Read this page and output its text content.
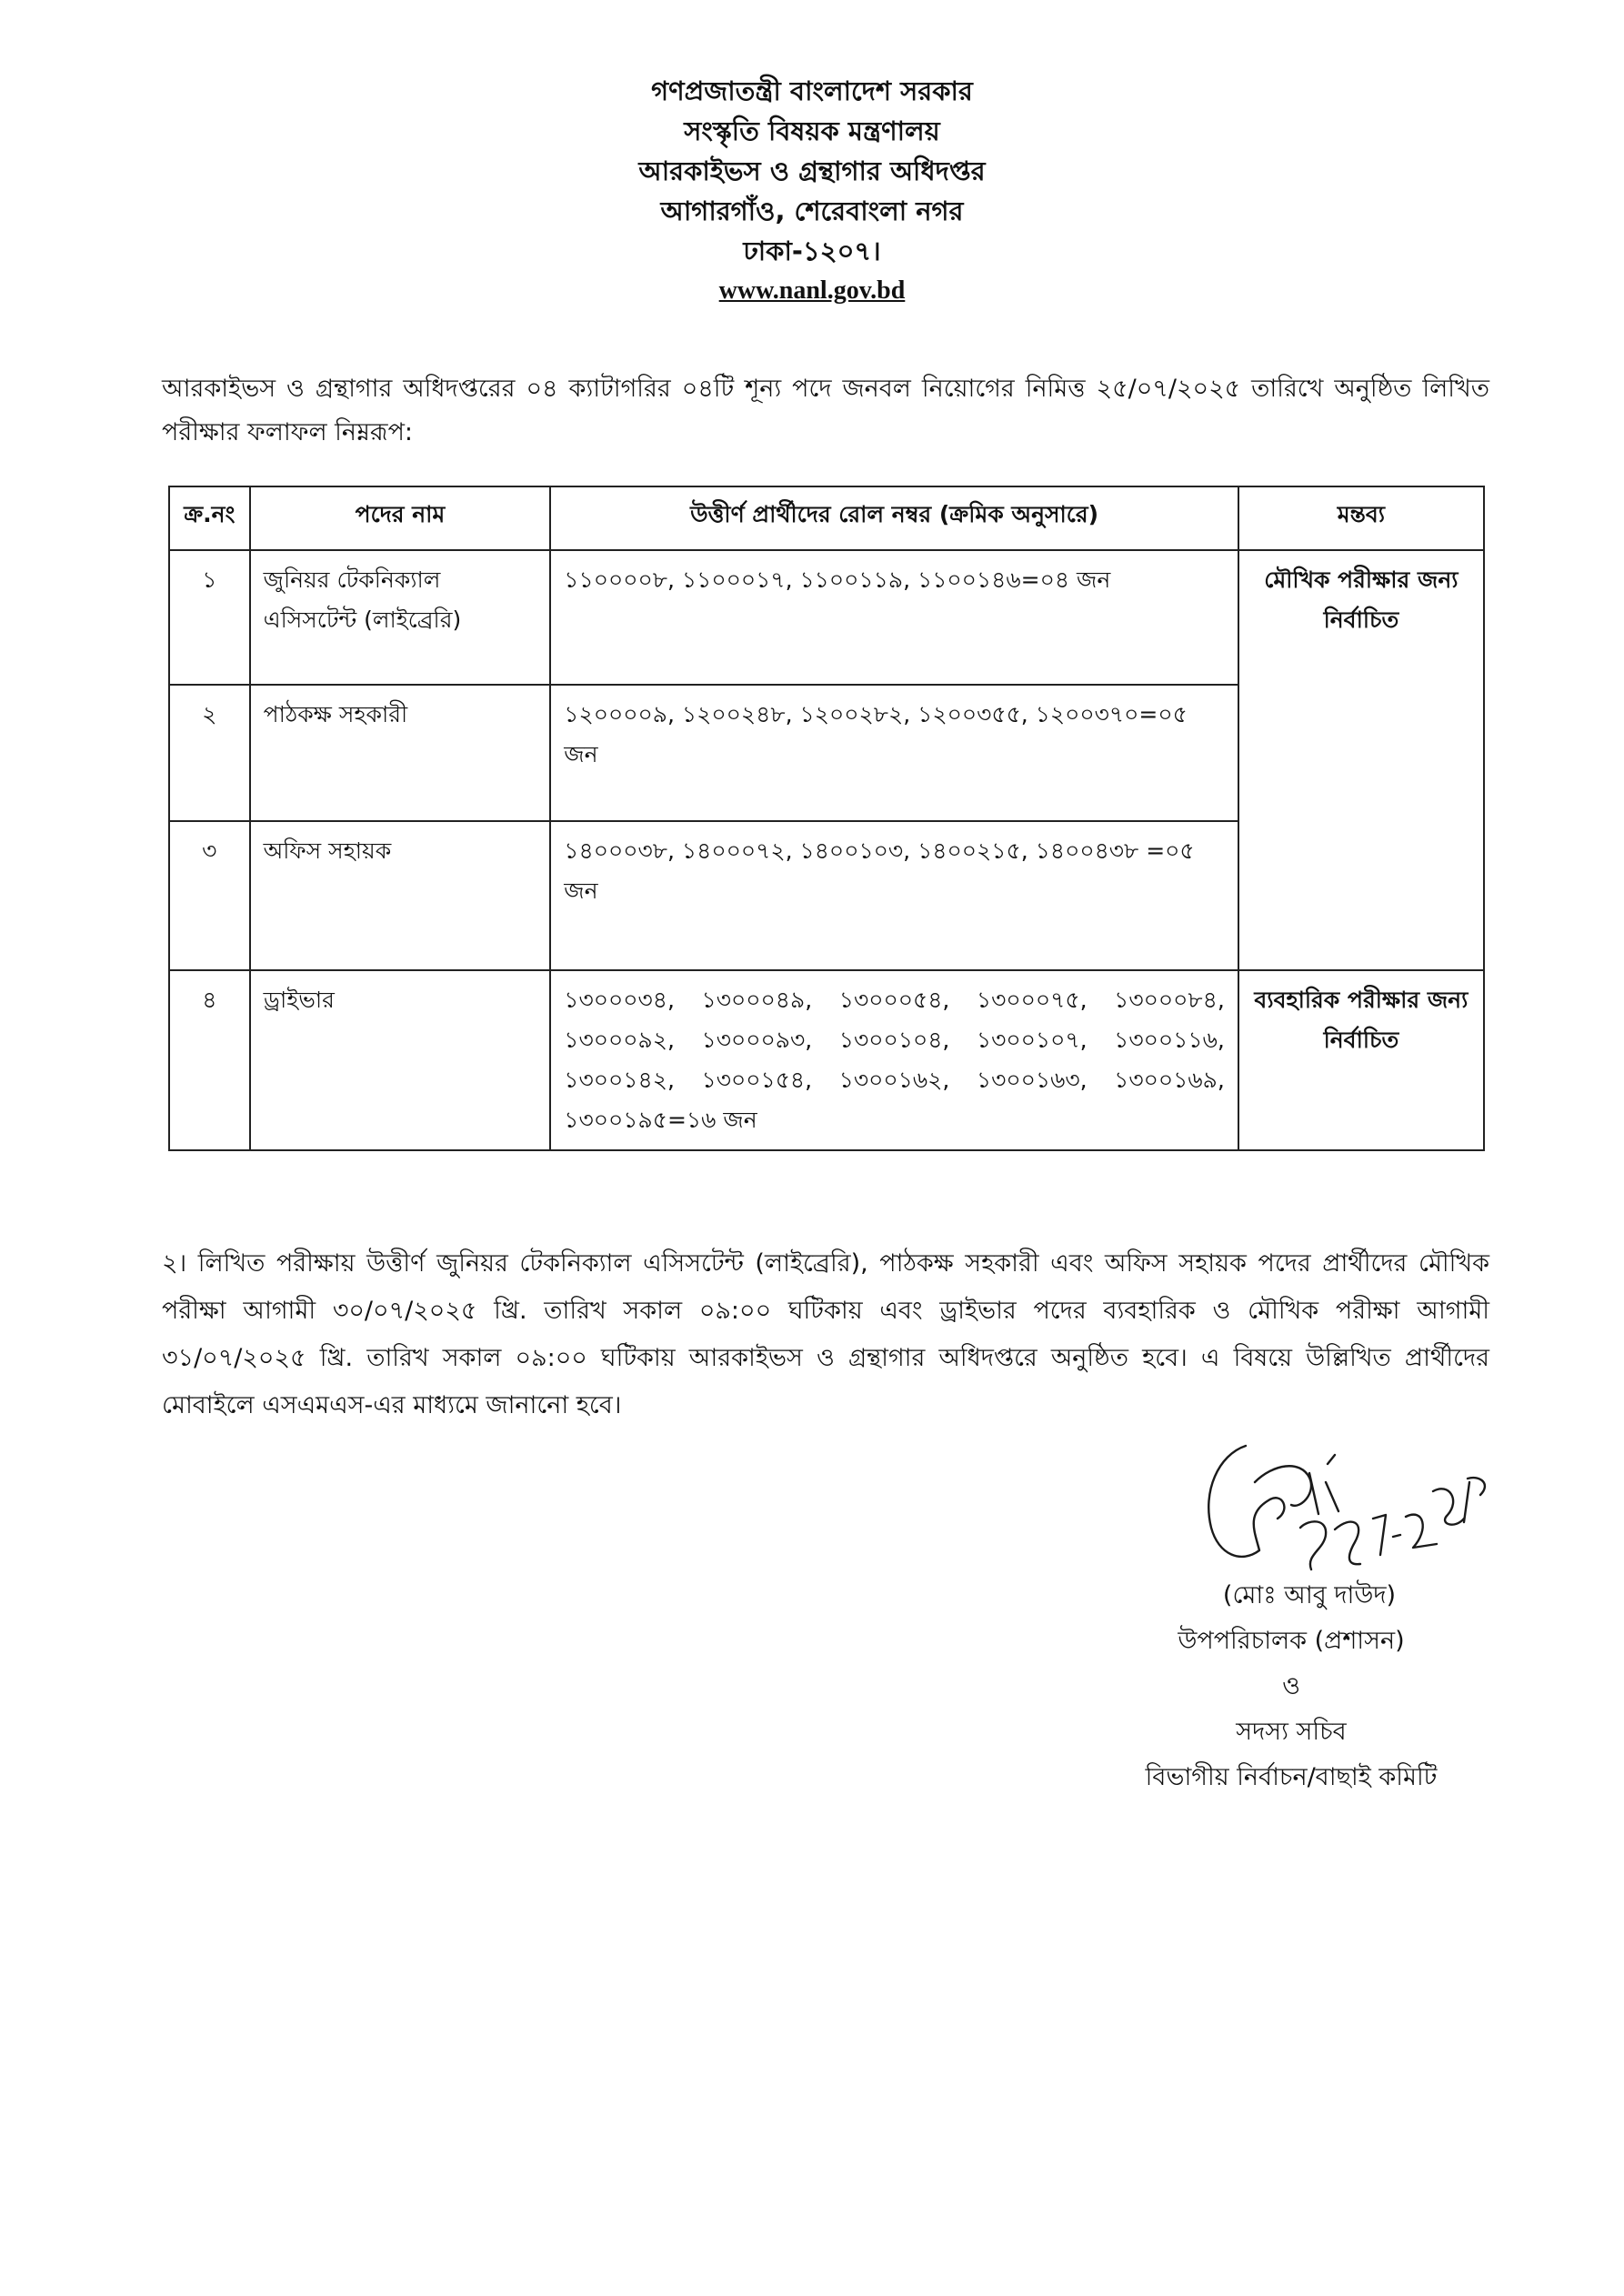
গণপ্রজাতন্ত্রী বাংলাদেশ সরকার
সংস্কৃতি বিষয়ক মন্ত্রণালয়
আরকাইভস ও গ্রন্থাগার অধিদপ্তর
আগারগাঁও, শেরেবাংলা নগর
ঢাকা-১২০৭।
www.nanl.gov.bd
আরকাইভস ও গ্রন্থাগার অধিদপ্তরের ০৪ ক্যাটাগরির ০৪টি শূন্য পদে জনবল নিয়োগের নিমিত্ত ২৫/০৭/২০২৫ তারিখে অনুষ্ঠিত লিখিত পরীক্ষার ফলাফল নিম্নরূপ:
ক্র.নং	পদের নাম	উত্তীর্ণ প্রার্থীদের রোল নম্বর (ক্রমিক অনুসারে)	মন্তব্য
১	জুনিয়র টেকনিক্যাল এসিসটেন্ট (লাইব্রেরি)	১১০০০০৮, ১১০০০১৭, ১১০০১১৯, ১১০০১৪৬=০৪ জন	মৌখিক পরীক্ষার জন্য নির্বাচিত
২	পাঠকক্ষ সহকারী	১২০০০০৯, ১২০০২৪৮, ১২০০২৮২, ১২০০৩৫৫, ১২০০৩৭০=০৫ জন	
৩	অফিস সহায়ক	১৪০০০৩৮, ১৪০০০৭২, ১৪০০১০৩, ১৪০০২১৫, ১৪০০৪৩৮ =০৫ জন	
৪	ড্রাইভার	১৩০০০৩৪, ১৩০০০৪৯, ১৩০০০৫৪, ১৩০০০৭৫, ১৩০০০৮৪, ১৩০০০৯২, ১৩০০০৯৩, ১৩০০১০৪, ১৩০০১০৭, ১৩০০১১৬, ১৩০০১৪২, ১৩০০১৫৪, ১৩০০১৬২, ১৩০০১৬৩, ১৩০০১৬৯, ১৩০০১৯৫=১৬ জন	ব্যবহারিক পরীক্ষার জন্য নির্বাচিত
২। লিখিত পরীক্ষায় উত্তীর্ণ জুনিয়র টেকনিক্যাল এসিসটেন্ট (লাইব্রেরি), পাঠকক্ষ সহকারী এবং অফিস সহায়ক পদের প্রার্থীদের মৌখিক পরীক্ষা আগামী ৩০/০৭/২০২৫ খ্রি. তারিখ সকাল ০৯:০০ ঘটিকায় এবং ড্রাইভার পদের ব্যবহারিক ও মৌখিক পরীক্ষা আগামী ৩১/০৭/২০২৫ খ্রি. তারিখ সকাল ০৯:০০ ঘটিকায় আরকাইভস ও গ্রন্থাগার অধিদপ্তরে অনুষ্ঠিত হবে। এ বিষয়ে উল্লিখিত প্রার্থীদের মোবাইলে এসএমএস-এর মাধ্যমে জানানো হবে।
(মোঃ আবু দাউদ)
উপপরিচালক (প্রশাসন)
ও
সদস্য সচিব
বিভাগীয় নির্বাচন/বাছাই কমিটি
